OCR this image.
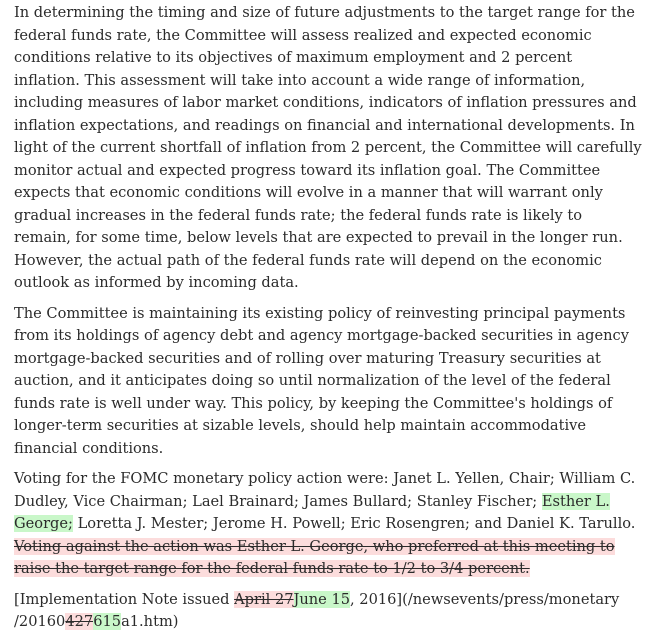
In determining the timing and size of future adjustments to the target range for the federal funds rate, the Committee will assess realized and expected economic conditions relative to its objectives of maximum employment and 2 percent inflation. This assessment will take into account a wide range of information, including measures of labor market conditions, indicators of inflation pressures and inflation expectations, and readings on financial and international developments. In light of the current shortfall of inflation from 2 percent, the Committee will carefully monitor actual and expected progress toward its inflation goal. The Committee expects that economic conditions will evolve in a manner that will warrant only gradual increases in the federal funds rate; the federal funds rate is likely to remain, for some time, below levels that are expected to prevail in the longer run. However, the actual path of the federal funds rate will depend on the economic outlook as informed by incoming data.

The Committee is maintaining its existing policy of reinvesting principal payments from its holdings of agency debt and agency mortgage-backed securities in agency mortgage-backed securities and of rolling over maturing Treasury securities at auction, and it anticipates doing so until normalization of the level of the federal funds rate is well under way. This policy, by keeping the Committee's holdings of longer-term securities at sizable levels, should help maintain accommodative financial conditions.

Voting for the FOMC monetary policy action were: Janet L. Yellen, Chair; William C. Dudley, Vice Chairman; Lael Brainard; James Bullard; Stanley Fischer; Esther L. George; Loretta J. Mester; Jerome H. Powell; Eric Rosengren; and Daniel K. Tarullo. Voting against the action was Esther L. George, who preferred at this meeting to raise the target range for the federal funds rate to 1/2 to 3/4 percent.

[Implementation Note issued April 27June 15, 2016](/newsevents/press/monetary /20160427615a1.htm)
